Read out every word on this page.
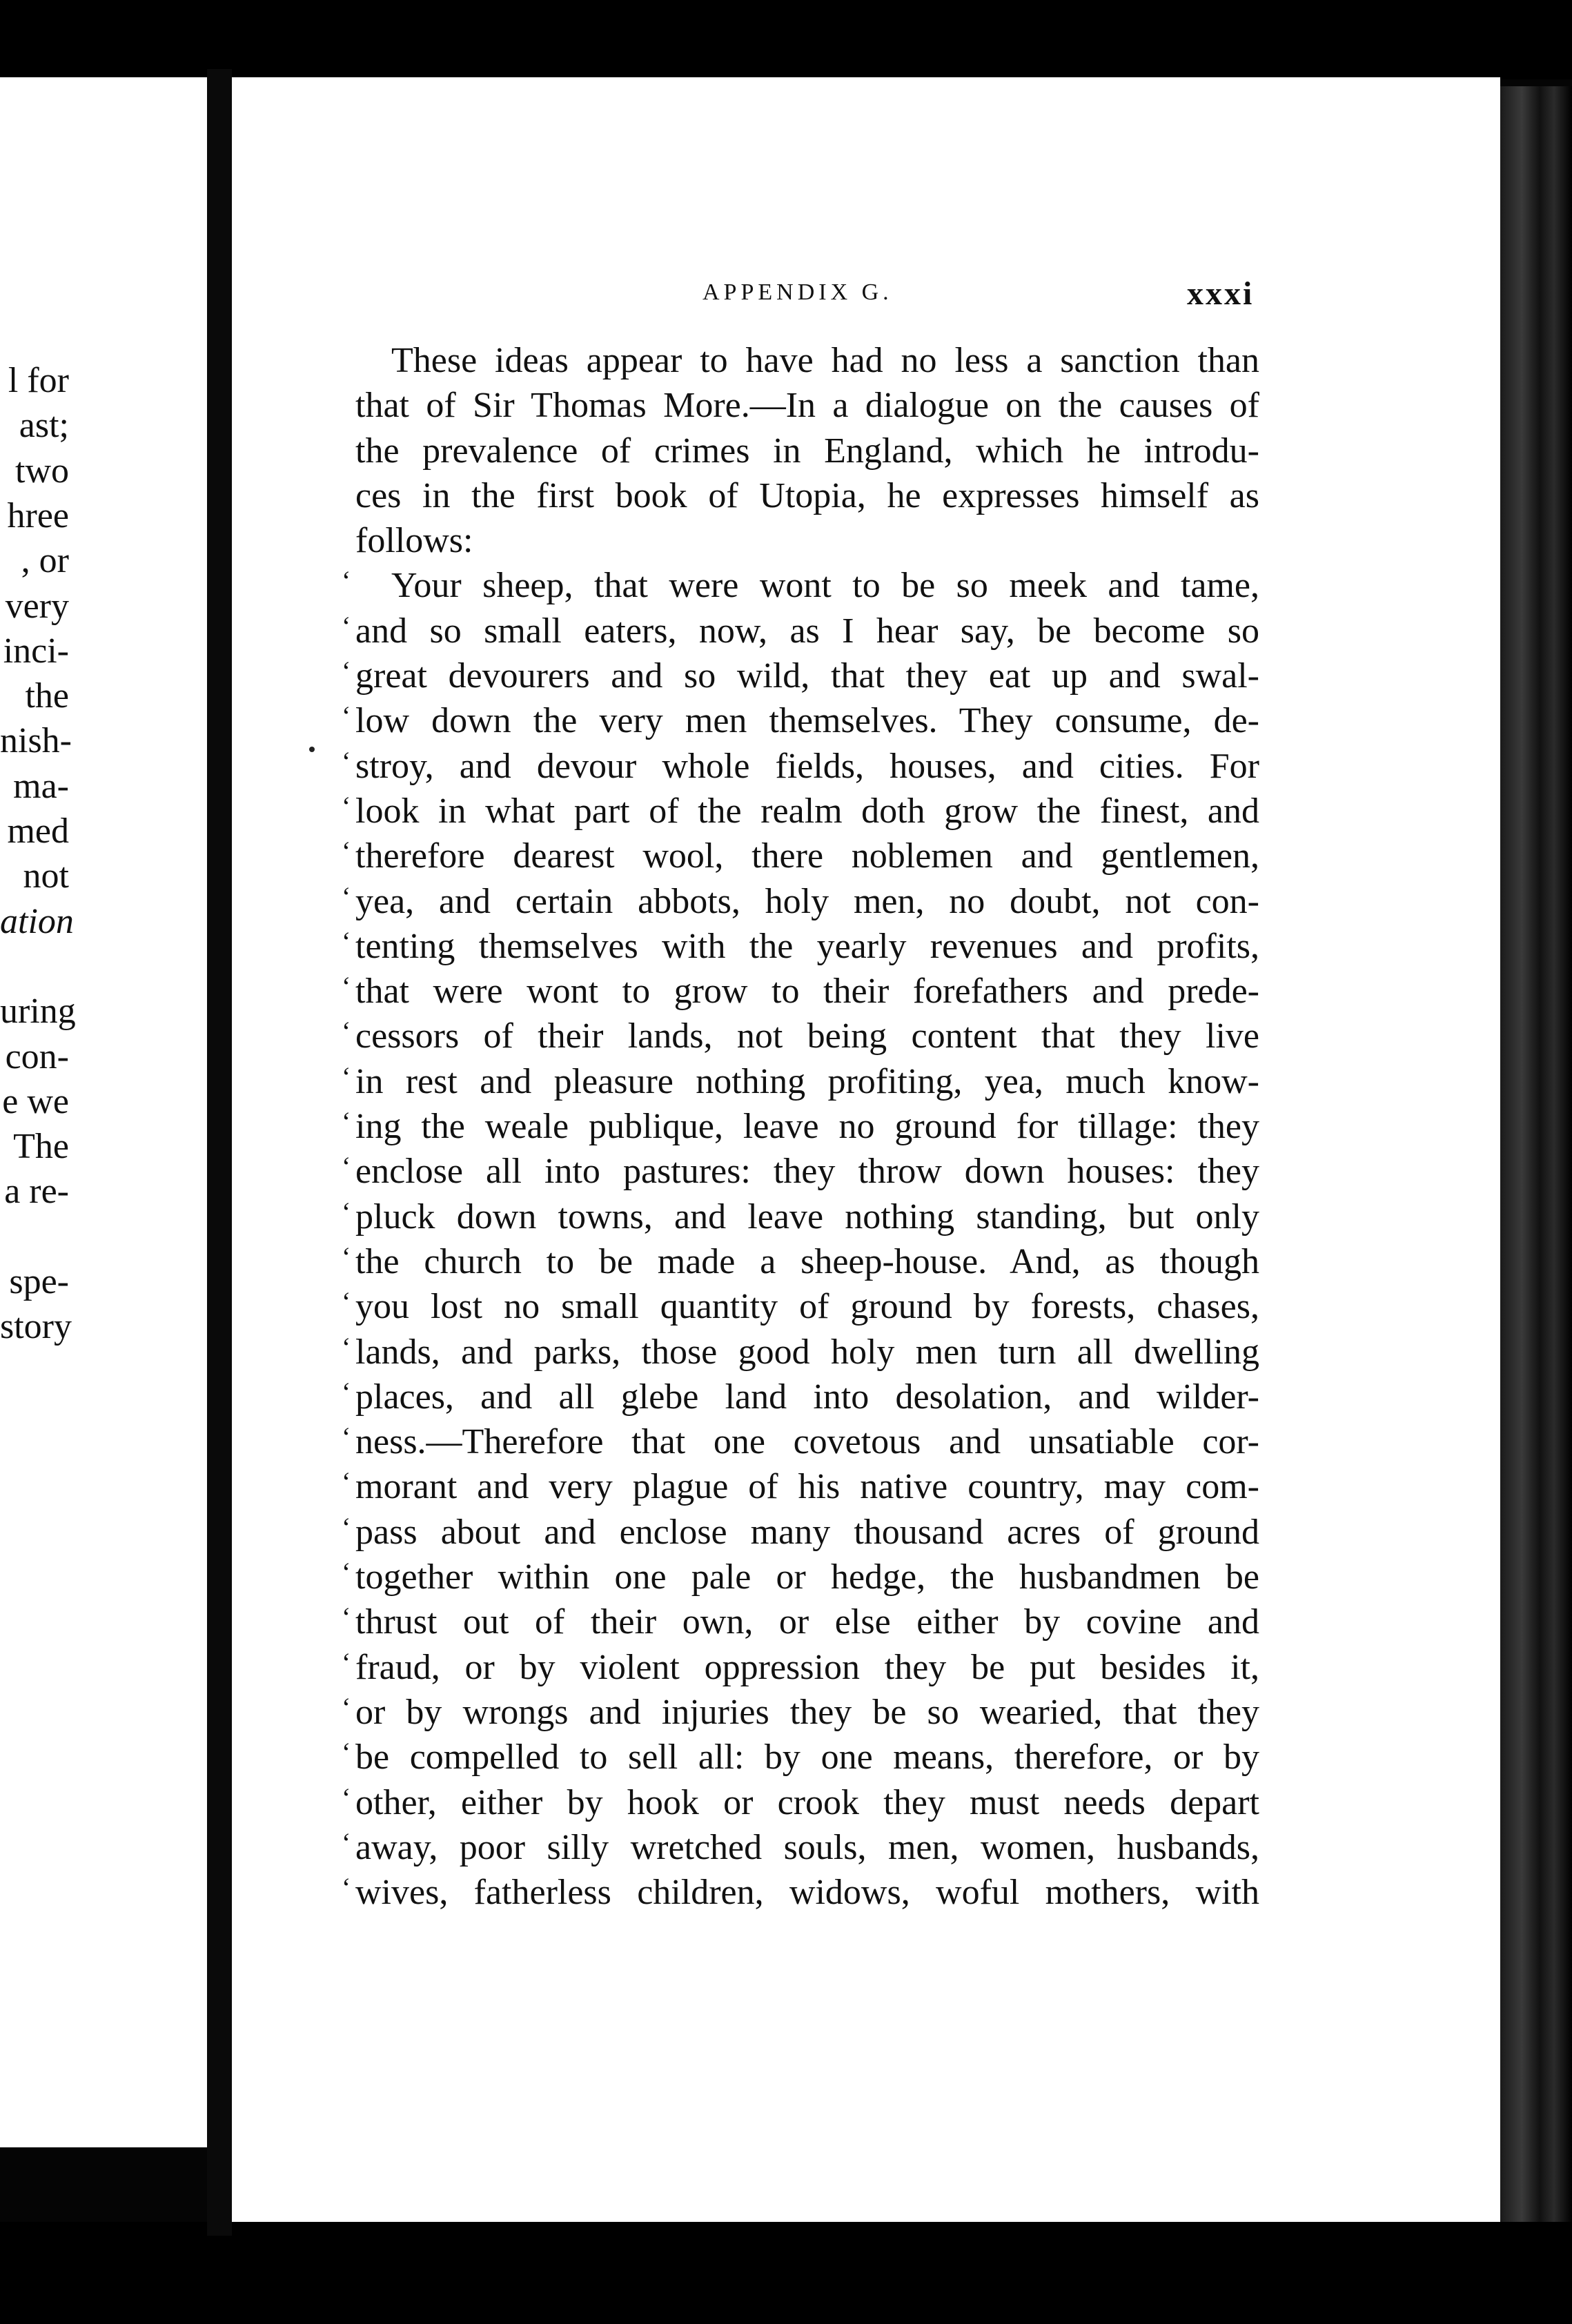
l for
ast;
two
hree
, or
very
inci-
the
nish-
ma-
med
not
ation
uring
con-
e we
The
a re-
spe-
story
APPENDIX G.	xxxi
These ideas appear to have had no less a sanction than
that of Sir Thomas More.—In a dialogue on the causes of
the prevalence of crimes in England, which he introdu-
ces in the first book of Utopia, he expresses himself as
follows:
‘ Your sheep, that were wont to be so meek and tame,
‘ and so small eaters, now, as I hear say, be become so
‘ great devourers and so wild, that they eat up and swal-
‘ low down the very men themselves. They consume, de-
‘ stroy, and devour whole fields, houses, and cities. For
‘ look in what part of the realm doth grow the finest, and
‘ therefore dearest wool, there noblemen and gentlemen,
‘ yea, and certain abbots, holy men, no doubt, not con-
‘ tenting themselves with the yearly revenues and profits,
‘ that were wont to grow to their forefathers and prede-
‘ cessors of their lands, not being content that they live
‘ in rest and pleasure nothing profiting, yea, much know-
‘ ing the weale publique, leave no ground for tillage: they
‘ enclose all into pastures: they throw down houses: they
‘ pluck down towns, and leave nothing standing, but only
‘ the church to be made a sheep-house. And, as though
‘ you lost no small quantity of ground by forests, chases,
‘ lands, and parks, those good holy men turn all dwelling
‘ places, and all glebe land into desolation, and wilder-
‘ ness.—Therefore that one covetous and unsatiable cor-
‘ morant and very plague of his native country, may com-
‘ pass about and enclose many thousand acres of ground
‘ together within one pale or hedge, the husbandmen be
‘ thrust out of their own, or else either by covine and
‘ fraud, or by violent oppression they be put besides it,
‘ or by wrongs and injuries they be so wearied, that they
‘ be compelled to sell all: by one means, therefore, or by
‘ other, either by hook or crook they must needs depart
‘ away, poor silly wretched souls, men, women, husbands,
‘ wives, fatherless children, widows, woful mothers, with
